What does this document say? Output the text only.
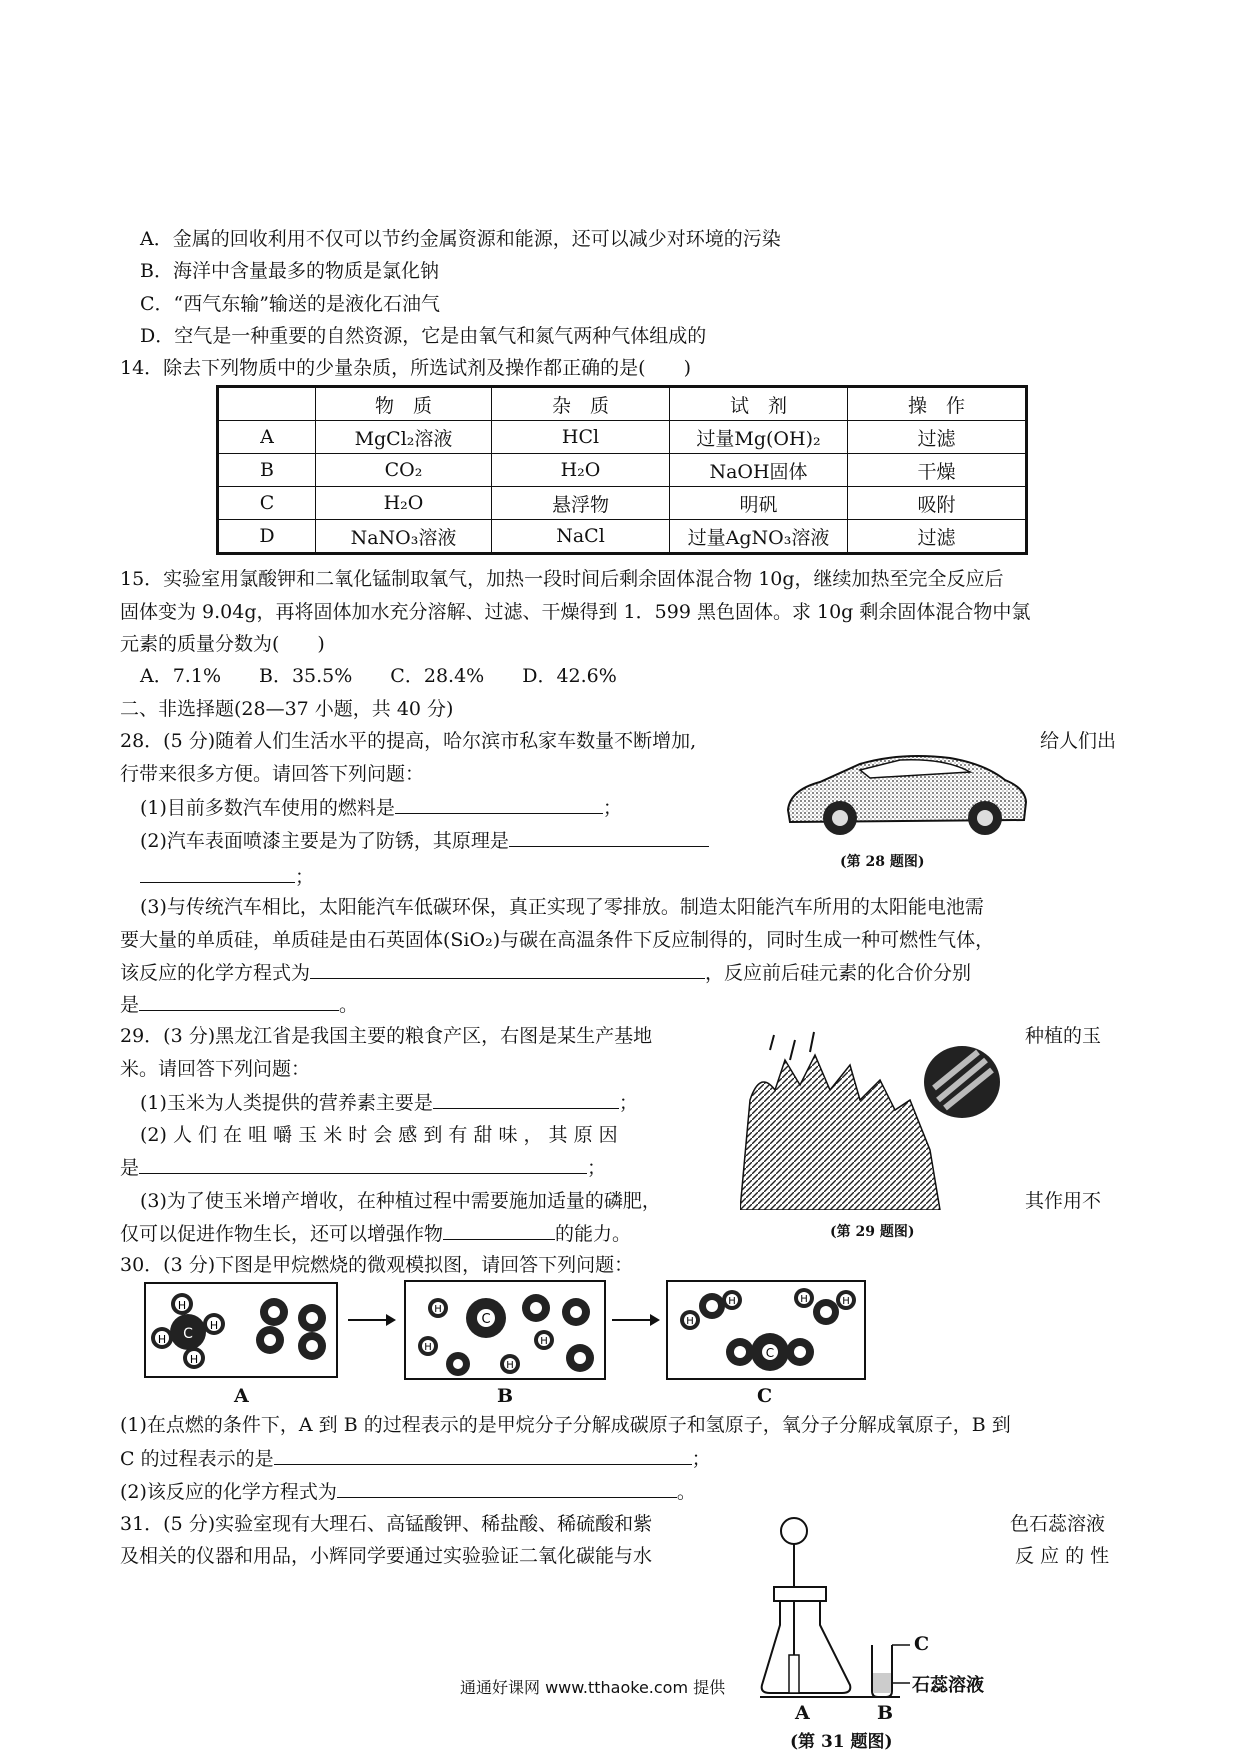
A．金属的回收利用不仅可以节约金属资源和能源，还可以减少对环境的污染
B．海洋中含量最多的物质是氯化钠
C．“西气东输”输送的是液化石油气
D．空气是一种重要的自然资源，它是由氧气和氮气两种气体组成的
14．除去下列物质中的少量杂质，所选试剂及操作都正确的是(　　)
	物　质	杂　质	试　剂	操　作
A	MgCl₂溶液	HCl	过量Mg(OH)₂	过滤
B	CO₂	H₂O	NaOH固体	干燥
C	H₂O	悬浮物	明矾	吸附
D	NaNO₃溶液	NaCl	过量AgNO₃溶液	过滤
15．实验室用氯酸钾和二氧化锰制取氧气，加热一段时间后剩余固体混合物 10g，继续加热至完全反应后
固体变为 9.04g，再将固体加水充分溶解、过滤、干燥得到 1．599 黑色固体。求 10g 剩余固体混合物中氯
元素的质量分数为(　　)
A．7.1%　　B．35.5%　　C．28.4%　　D．42.6%
二、非选择题(28—37 小题，共 40 分)
28．(5 分)随着人们生活水平的提高，哈尔滨市私家车数量不断增加,	给人们出
行带来很多方便。请回答下列问题：
(1)目前多数汽车使用的燃料是	；
(2)汽车表面喷漆主要是为了防锈，其原理是
；
(第 28 题图)
(3)与传统汽车相比，太阳能汽车低碳环保，真正实现了零排放。制造太阳能汽车所用的太阳能电池需
要大量的单质硅，单质硅是由石英固体(SiO₂)与碳在高温条件下反应制得的，同时生成一种可燃性气体，
该反应的化学方程式为	，反应前后硅元素的化合价分别
是	。
29．(3 分)黑龙江省是我国主要的粮食产区，右图是某生产基地	种植的玉
米。请回答下列问题：
(1)玉米为人类提供的营养素主要是	；
(2) 人 们 在 咀 嚼 玉 米 时 会 感 到 有 甜 味 ， 其 原 因
是	；
(3)为了使玉米增产增收，在种植过程中需要施加适量的磷肥，	其作用不
仅可以促进作物生长，还可以增强作物	的能力。	(第 29 题图)
30．(3 分)下图是甲烷燃烧的微观模拟图，请回答下列问题：
C
H
H
H
H
C
H
H
H
H
H
H	H	H
C
A	B	C
(1)在点燃的条件下，A 到 B 的过程表示的是甲烷分子分解成碳原子和氢原子，氧分子分解成氧原子，B 到
C 的过程表示的是	；
(2)该反应的化学方程式为	。
31．(5 分)实验室现有大理石、高锰酸钾、稀盐酸、稀硫酸和紫	色石蕊溶液
及相关的仪器和用品，小辉同学要通过实验验证二氧化碳能与水	反 应 的 性
C
石蕊溶液
A	B
(第 31 题图)
通通好课网 www.tthaoke.com 提供
